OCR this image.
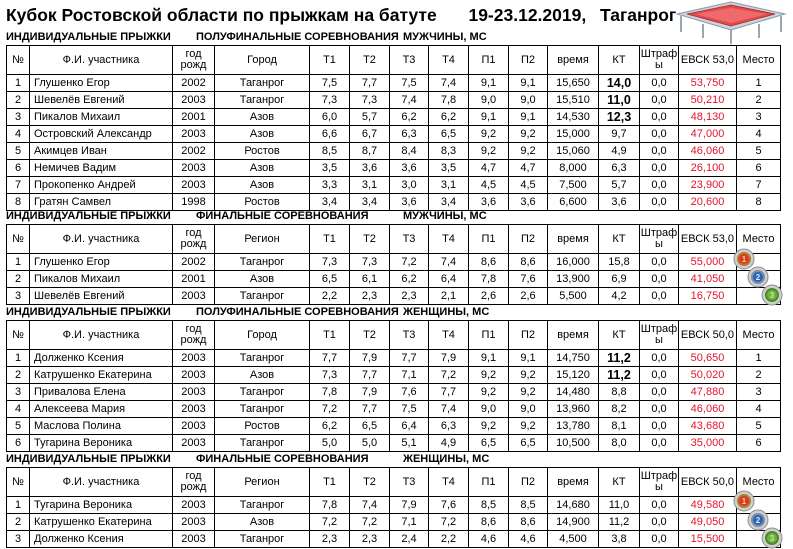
Кубок Ростовской области по прыжкам на батуте 19-23.12.2019, Таганрог
ИНДИВИДУАЛЬНЫЕ ПРЫЖКИ ПОЛУФИНАЛЬНЫЕ СОРЕВНОВАНИЯ МУЖЧИНЫ, МС
№	Ф.И. участника	год рожд	Город	Т1	Т2	Т3	Т4	П1	П2	время	КТ	Штраф ы	ЕВСК 53,0	Место
1	Глушенко Егор	2002	Таганрог	7,5	7,7	7,5	7,4	9,1	9,1	15,650	14,0	0,0	53,750	1
2	Шевелёв Евгений	2003	Таганрог	7,3	7,3	7,4	7,8	9,0	9,0	15,510	11,0	0,0	50,210	2
3	Пикалов Михаил	2001	Азов	6,0	5,7	6,2	6,2	9,1	9,1	14,530	12,3	0,0	48,130	3
4	Островский Александр	2003	Азов	6,6	6,7	6,3	6,5	9,2	9,2	15,000	9,7	0,0	47,000	4
5	Акимцев Иван	2002	Ростов	8,5	8,7	8,4	8,3	9,2	9,2	15,060	4,9	0,0	46,060	5
6	Немичев Вадим	2003	Азов	3,5	3,6	3,6	3,5	4,7	4,7	8,000	6,3	0,0	26,100	6
7	Прокопенко Андрей	2003	Азов	3,3	3,1	3,0	3,1	4,5	4,5	7,500	5,7	0,0	23,900	7
8	Гратян Самвел	1998	Ростов	3,4	3,4	3,6	3,4	3,6	3,6	6,600	3,6	0,0	20,600	8
ИНДИВИДУАЛЬНЫЕ ПРЫЖКИ ФИНАЛЬНЫЕ СОРЕВНОВАНИЯ	МУЖЧИНЫ, МС
№	Ф.И. участника	год рожд	Регион	Т1	Т2	Т3	Т4	П1	П2	время	КТ	Штраф ы	ЕВСК 53,0	Место
1	Глушенко Егор	2002	Таганрог	7,3	7,3	7,2	7,4	8,6	8,6	16,000	15,8	0,0	55,000	
2	Пикалов Михаил	2001	Азов	6,5	6,1	6,2	6,4	7,8	7,6	13,900	6,9	0,0	41,050	
3	Шевелёв Евгений	2003	Таганрог	2,2	2,3	2,3	2,1	2,6	2,6	5,500	4,2	0,0	16,750	
ИНДИВИДУАЛЬНЫЕ ПРЫЖКИ ПОЛУФИНАЛЬНЫЕ СОРЕВНОВАНИЯ ЖЕНЩИНЫ, МС
№	Ф.И. участника	год рожд	Город	Т1	Т2	Т3	Т4	П1	П2	время	КТ	Штраф ы	ЕВСК 50,0	Место
1	Долженко Ксения	2003	Таганрог	7,7	7,9	7,7	7,9	9,1	9,1	14,750	11,2	0,0	50,650	1
2	Катрушенко Екатерина	2003	Азов	7,3	7,7	7,1	7,2	9,2	9,2	15,120	11,2	0,0	50,020	2
3	Привалова Елена	2003	Таганрог	7,8	7,9	7,6	7,7	9,2	9,2	14,480	8,8	0,0	47,880	3
4	Алексеева Мария	2003	Таганрог	7,2	7,7	7,5	7,4	9,0	9,0	13,960	8,2	0,0	46,060	4
5	Маслова Полина	2003	Ростов	6,2	6,5	6,4	6,3	9,2	9,2	13,780	8,1	0,0	43,680	5
6	Тугарина Вероника	2003	Таганрог	5,0	5,0	5,1	4,9	6,5	6,5	10,500	8,0	0,0	35,000	6
ИНДИВИДУАЛЬНЫЕ ПРЫЖКИ ФИНАЛЬНЫЕ СОРЕВНОВАНИЯ	ЖЕНЩИНЫ, МС
№	Ф.И. участника	год рожд	Регион	Т1	Т2	Т3	Т4	П1	П2	время	КТ	Штраф ы	ЕВСК 50,0	Место
1	Тугарина Вероника	2003	Таганрог	7,8	7,4	7,9	7,6	8,5	8,5	14,680	11,0	0,0	49,580	
2	Катрушенко Екатерина	2003	Азов	7,2	7,2	7,1	7,2	8,6	8,6	14,900	11,2	0,0	49,050	
3	Долженко Ксения	2003	Таганрог	2,3	2,3	2,4	2,2	4,6	4,6	4,500	3,8	0,0	15,500	
1
2
3
1
2
3
